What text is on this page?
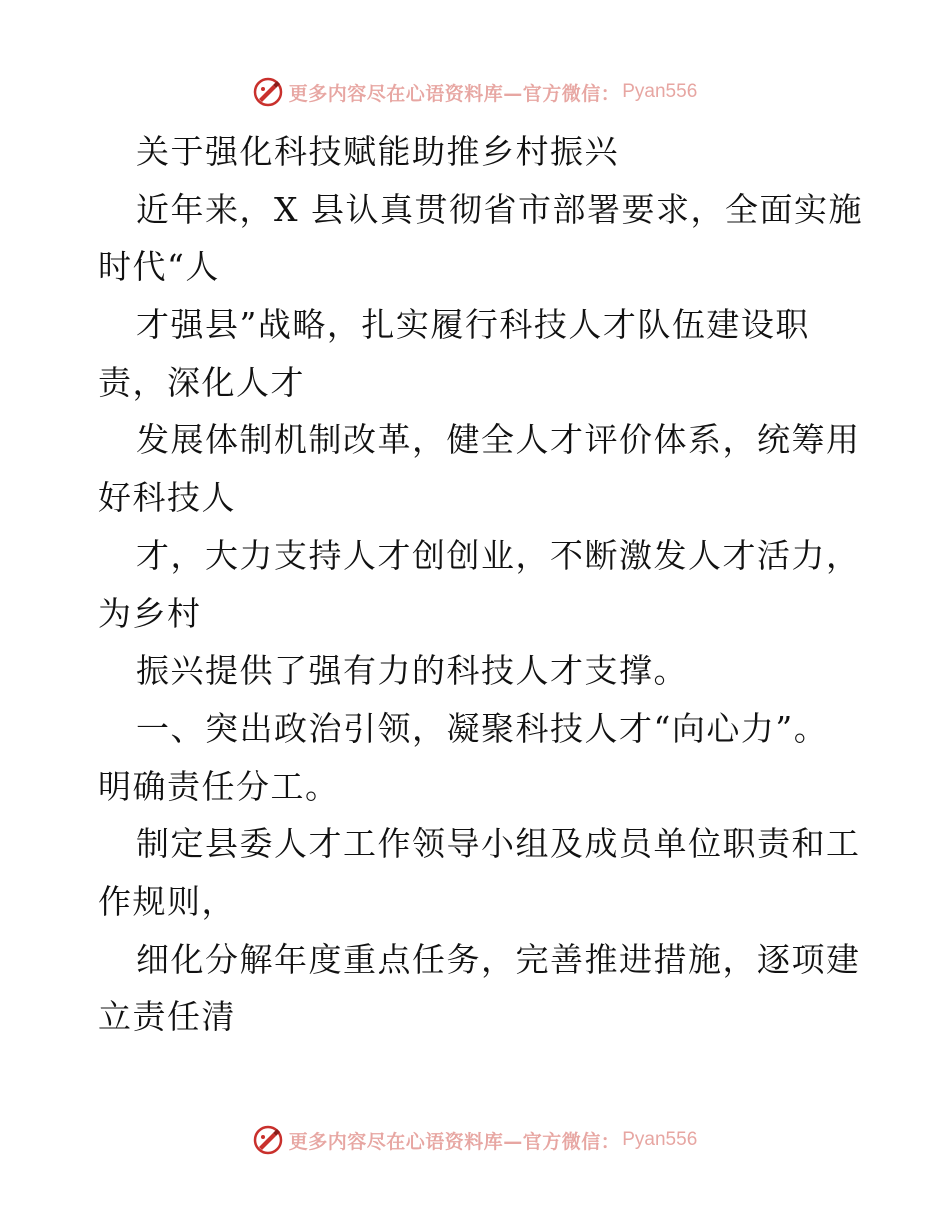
更多内容尽在心语资料库—官方微信： Pyan556
关于强化科技赋能助推乡村振兴
近年来，X 县认真贯彻省市部署要求，全面实施
时代“人
才强县”战略，扎实履行科技人才队伍建设职
责，深化人才
发展体制机制改革，健全人才评价体系，统筹用
好科技人
才，大力支持人才创创业，不断激发人才活力，
为乡村
振兴提供了强有力的科技人才支撑。
一、突出政治引领，凝聚科技人才“向心力”。
明确责任分工。
制定县委人才工作领导小组及成员单位职责和工
作规则，
细化分解年度重点任务，完善推进措施，逐项建
立责任清
更多内容尽在心语资料库—官方微信： Pyan556
